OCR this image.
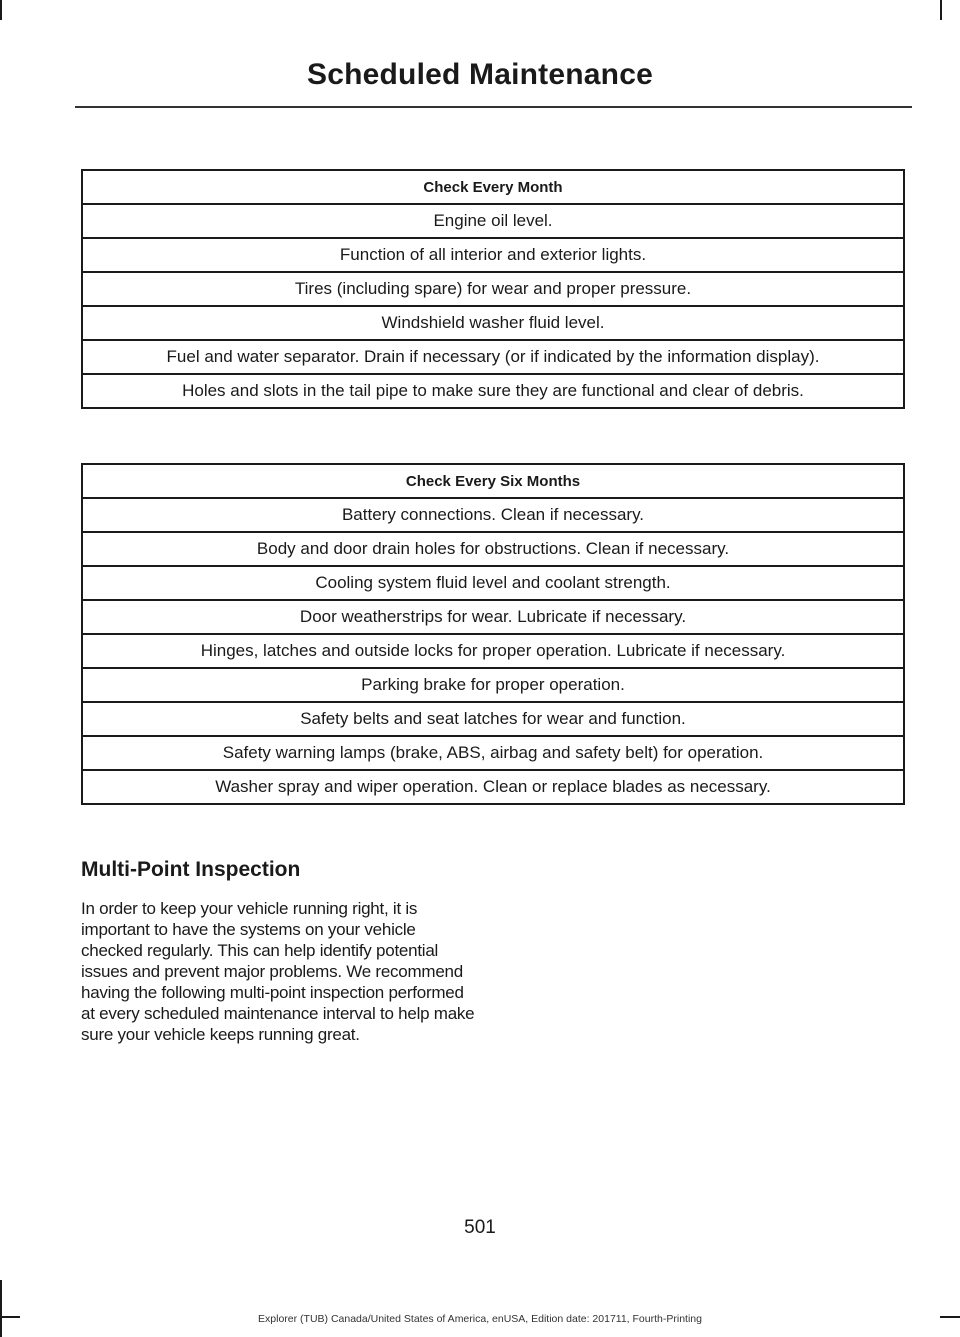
Scheduled Maintenance
Check Every Month
Engine oil level.
Function of all interior and exterior lights.
Tires (including spare) for wear and proper pressure.
Windshield washer fluid level.
Fuel and water separator. Drain if necessary (or if indicated by the information display).
Holes and slots in the tail pipe to make sure they are functional and clear of debris.
Check Every Six Months
Battery connections. Clean if necessary.
Body and door drain holes for obstructions. Clean if necessary.
Cooling system fluid level and coolant strength.
Door weatherstrips for wear. Lubricate if necessary.
Hinges, latches and outside locks for proper operation. Lubricate if necessary.
Parking brake for proper operation.
Safety belts and seat latches for wear and function.
Safety warning lamps (brake, ABS, airbag and safety belt) for operation.
Washer spray and wiper operation. Clean or replace blades as necessary.
Multi-Point Inspection

In order to keep your vehicle running right, it is important to have the systems on your vehicle checked regularly. This can help identify potential issues and prevent major problems. We recommend having the following multi-point inspection performed at every scheduled maintenance interval to help make sure your vehicle keeps running great.

501
Explorer (TUB) Canada/United States of America, enUSA, Edition date: 201711, Fourth-Printing
